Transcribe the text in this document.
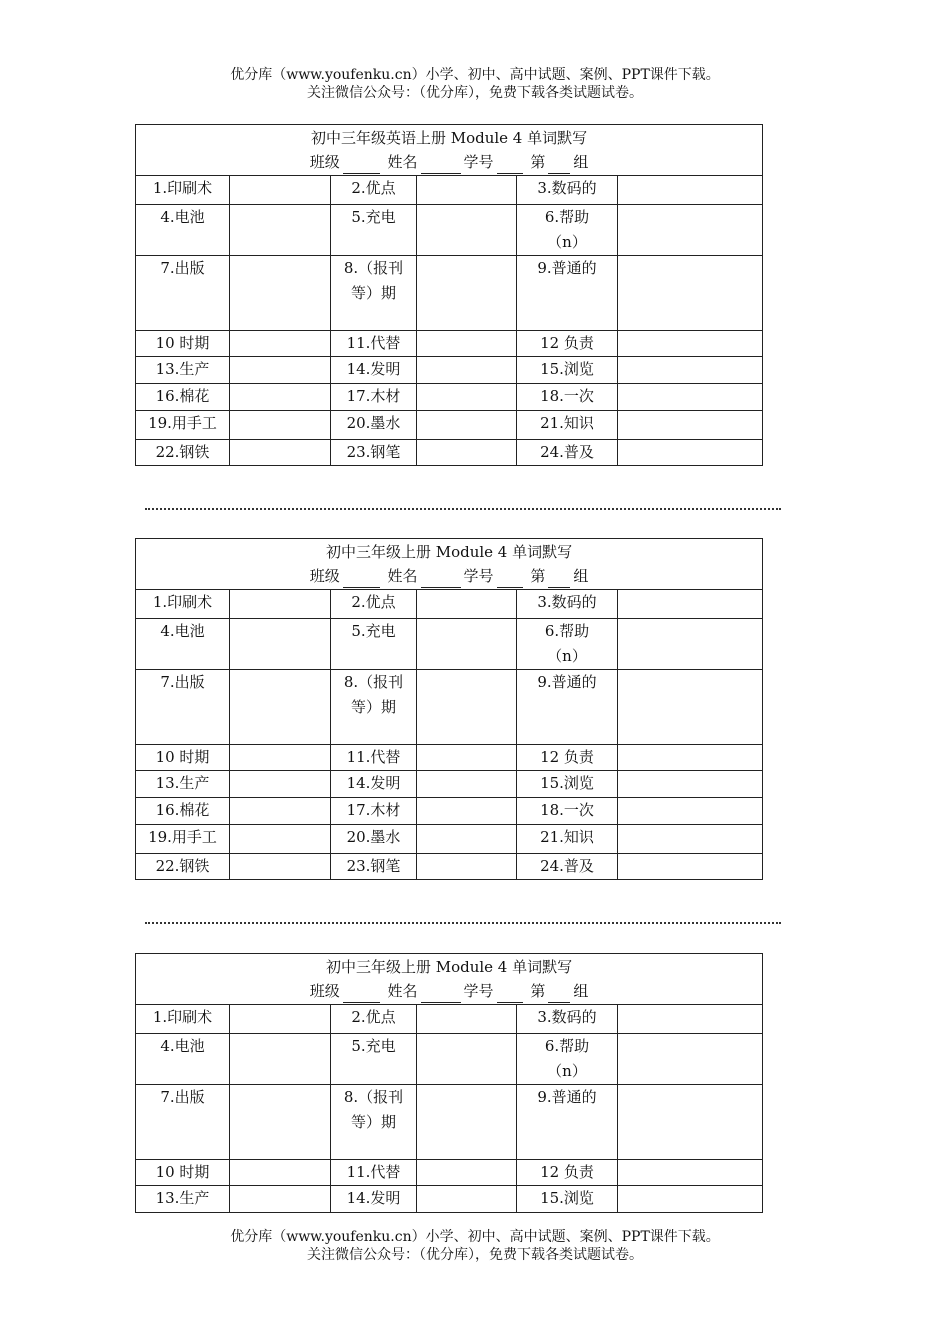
优分库（www.youfenku.cn）小学、初中、高中试题、案例、PPT课件下载。
关注微信公众号：（优分库），免费下载各类试题试卷。
初中三年级英语上册 Module 4 单词默写
班级 姓名 学号 第 组					

1.印刷术		2.优点		3.数码的	
4.电池		5.充电		6.帮助（n）	
7.出版		8.（报刊等）期		9.普通的	
10 时期		11.代替		12 负责	
13.生产		14.发明		15.浏览	
16.棉花		17.木材		18.一次	
19.用手工		20.墨水		21.知识	
22.钢铁		23.钢笔		24.普及	
初中三年级上册 Module 4 单词默写
班级 姓名 学号 第 组					

1.印刷术		2.优点		3.数码的	
4.电池		5.充电		6.帮助（n）	
7.出版		8.（报刊等）期		9.普通的	
10 时期		11.代替		12 负责	
13.生产		14.发明		15.浏览	
16.棉花		17.木材		18.一次	
19.用手工		20.墨水		21.知识	
22.钢铁		23.钢笔		24.普及	
初中三年级上册 Module 4 单词默写
班级 姓名 学号 第 组					

1.印刷术		2.优点		3.数码的	
4.电池		5.充电		6.帮助（n）	
7.出版		8.（报刊等）期		9.普通的	
10 时期		11.代替		12 负责	
13.生产		14.发明		15.浏览	
优分库（www.youfenku.cn）小学、初中、高中试题、案例、PPT课件下载。
关注微信公众号：（优分库），免费下载各类试题试卷。
